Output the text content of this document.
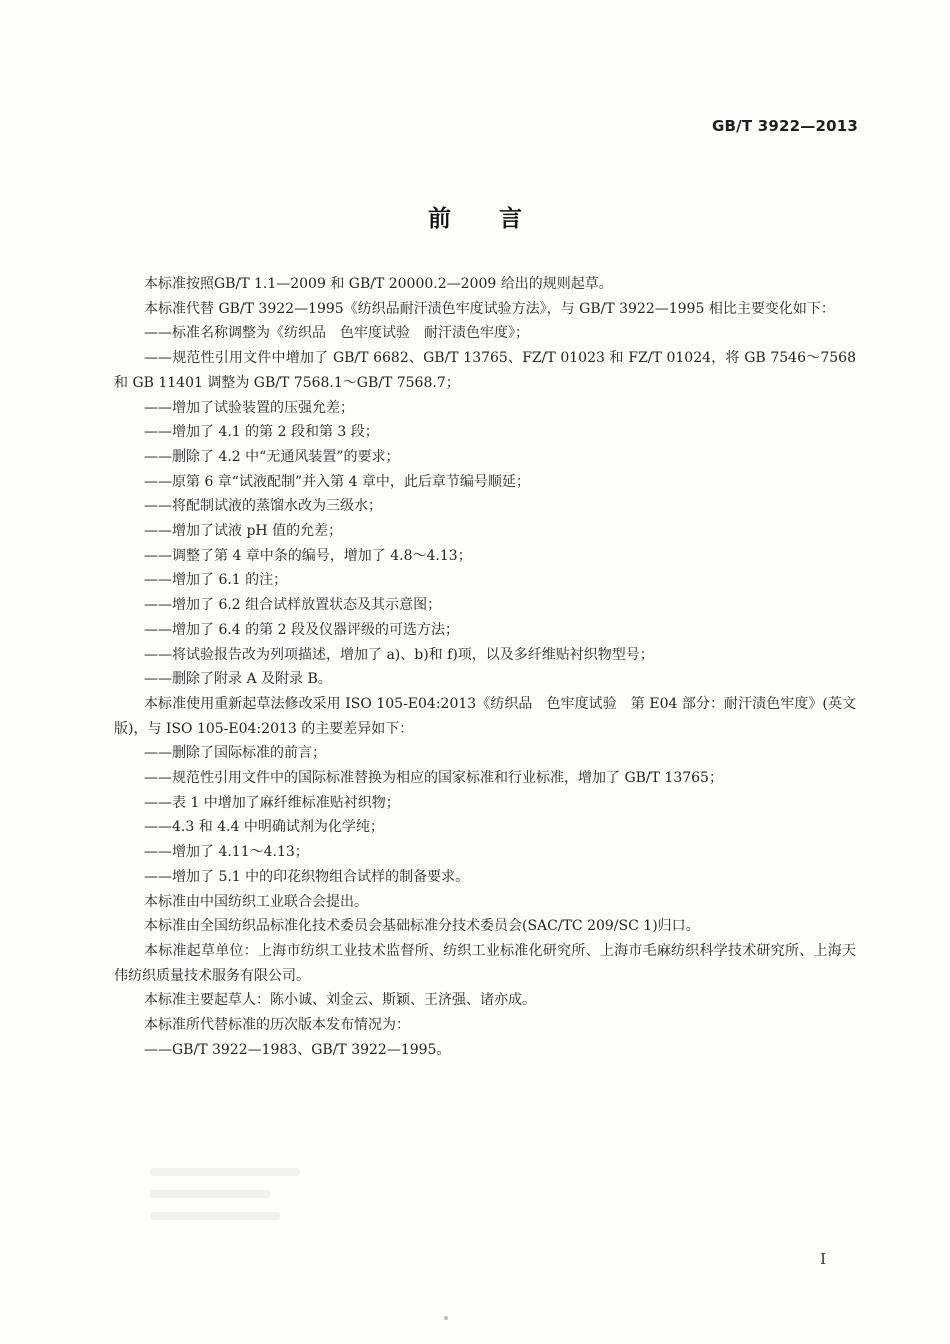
GB/T 3922—2013
前言

本标准按照GB/T 1.1—2009 和 GB/T 20000.2—2009 给出的规则起草。

本标准代替 GB/T 3922—1995《纺织品耐汗渍色牢度试验方法》，与 GB/T 3922—1995 相比主要变化如下：

——标准名称调整为《纺织品　色牢度试验　耐汗渍色牢度》；

——规范性引用文件中增加了 GB/T 6682、GB/T 13765、FZ/T 01023 和 FZ/T 01024，将 GB 7546～7568 和 GB 11401 调整为 GB/T 7568.1～GB/T 7568.7；

——增加了试验装置的压强允差；

——增加了 4.1 的第 2 段和第 3 段；

——删除了 4.2 中“无通风装置”的要求；

——原第 6 章“试液配制”并入第 4 章中，此后章节编号顺延；

——将配制试液的蒸馏水改为三级水；

——增加了试液 pH 值的允差；

——调整了第 4 章中条的编号，增加了 4.8～4.13；

——增加了 6.1 的注；

——增加了 6.2 组合试样放置状态及其示意图；

——增加了 6.4 的第 2 段及仪器评级的可选方法；

——将试验报告改为列项描述，增加了 a)、b)和 f)项，以及多纤维贴衬织物型号；

——删除了附录 A 及附录 B。

本标准使用重新起草法修改采用 ISO 105-E04:2013《纺织品　色牢度试验　第 E04 部分：耐汗渍色牢度》(英文版)，与 ISO 105-E04:2013 的主要差异如下：

——删除了国际标准的前言；

——规范性引用文件中的国际标准替换为相应的国家标准和行业标准，增加了 GB/T 13765；

——表 1 中增加了麻纤维标准贴衬织物；

——4.3 和 4.4 中明确试剂为化学纯；

——增加了 4.11～4.13；

——增加了 5.1 中的印花织物组合试样的制备要求。

本标准由中国纺织工业联合会提出。

本标准由全国纺织品标准化技术委员会基础标准分技术委员会(SAC/TC 209/SC 1)归口。

本标准起草单位：上海市纺织工业技术监督所、纺织工业标准化研究所、上海市毛麻纺织科学技术研究所、上海天伟纺织质量技术服务有限公司。

本标准主要起草人：陈小诚、刘金云、斯颖、王济强、诸亦成。

本标准所代替标准的历次版本发布情况为：

——GB/T 3922—1983、GB/T 3922—1995。

I
